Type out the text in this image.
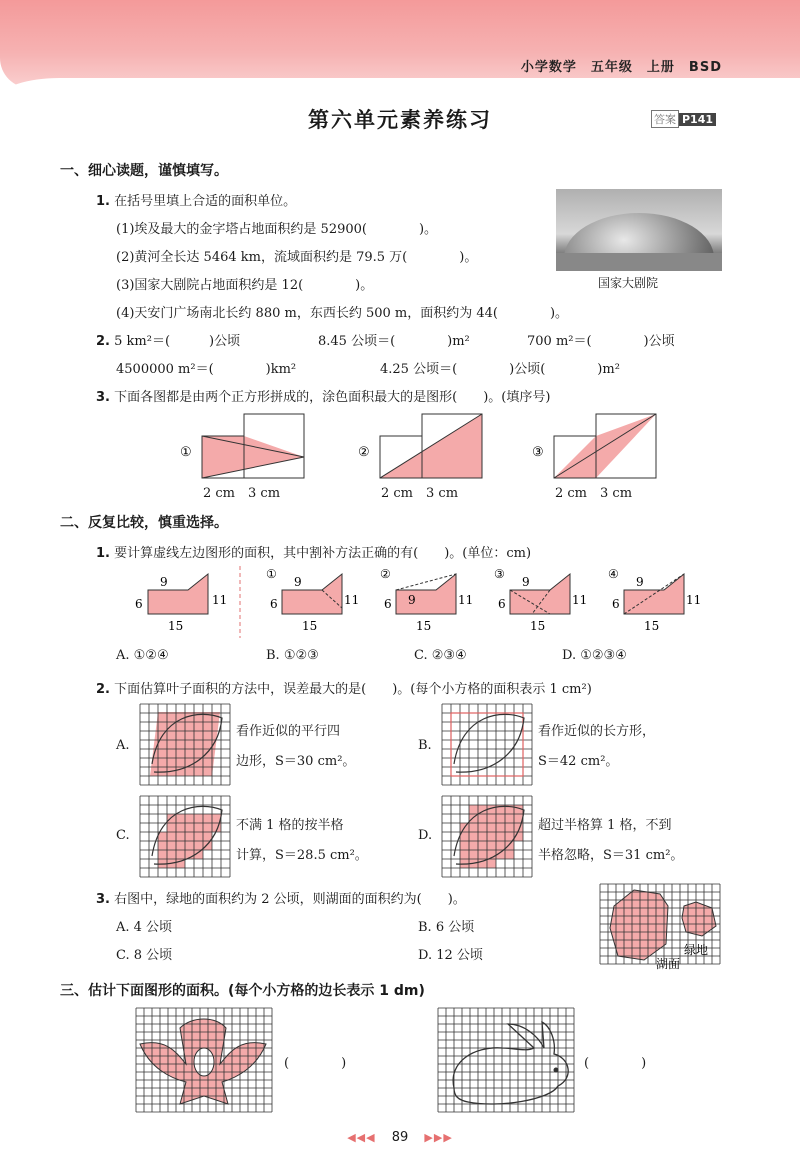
小学数学　五年级　上册　BSD
第六单元素养练习	答案 P141
一、细心读题，谨慎填写。
1. 在括号里填上合适的面积单位。
(1)埃及最大的金字塔占地面积约是 52900(　　　　)。
(2)黄河全长达 5464 km，流域面积约是 79.5 万(　　　　)。
(3)国家大剧院占地面积约是 12(　　　　)。
(4)天安门广场南北长约 880 m，东西长约 500 m，面积约为 44(　　　　)。
国家大剧院
2. 5 km²＝(　　　)公顷	8.45 公顷＝(　　　　)m²	700 m²＝(　　　　)公顷
4500000 m²＝(　　　　)km²	4.25 公顷＝(　　　　)公顷(　　　　)m²
3. 下面各图都是由两个正方形拼成的，涂色面积最大的是图形(　　)。(填序号)
①
2 cm　3 cm
②
2 cm　3 cm
③
2 cm　3 cm
二、反复比较，慎重选择。
1. 要计算虚线左边图形的面积，其中割补方法正确的有(　　)。(单位：cm)
9
6	11
15
①
9
6	11
15
②
9
6	11
15
③
9
6	11
15
④
9
6	11
15
A. ①②④	B. ①②③	C. ②③④	D. ①②③④
2. 下面估算叶子面积的方法中，误差最大的是(　　)。(每个小方格的面积表示 1 cm²)
A.
看作近似的平行四
边形，S＝30 cm²。
B.
看作近似的长方形，
S＝42 cm²。
C.
不满 1 格的按半格
计算，S＝28.5 cm²。
D.
超过半格算 1 格，不到
半格忽略，S＝31 cm²。
3. 右图中，绿地的面积约为 2 公顷，则湖面的面积约为(　　)。
A. 4 公顷	B. 6 公顷
C. 8 公顷	D. 12 公顷	绿地
湖面
三、估计下面图形的面积。(每个小方格的边长表示 1 dm)
(　　　　)	(　　　　)
◀◀◀ 89 ▶▶▶
